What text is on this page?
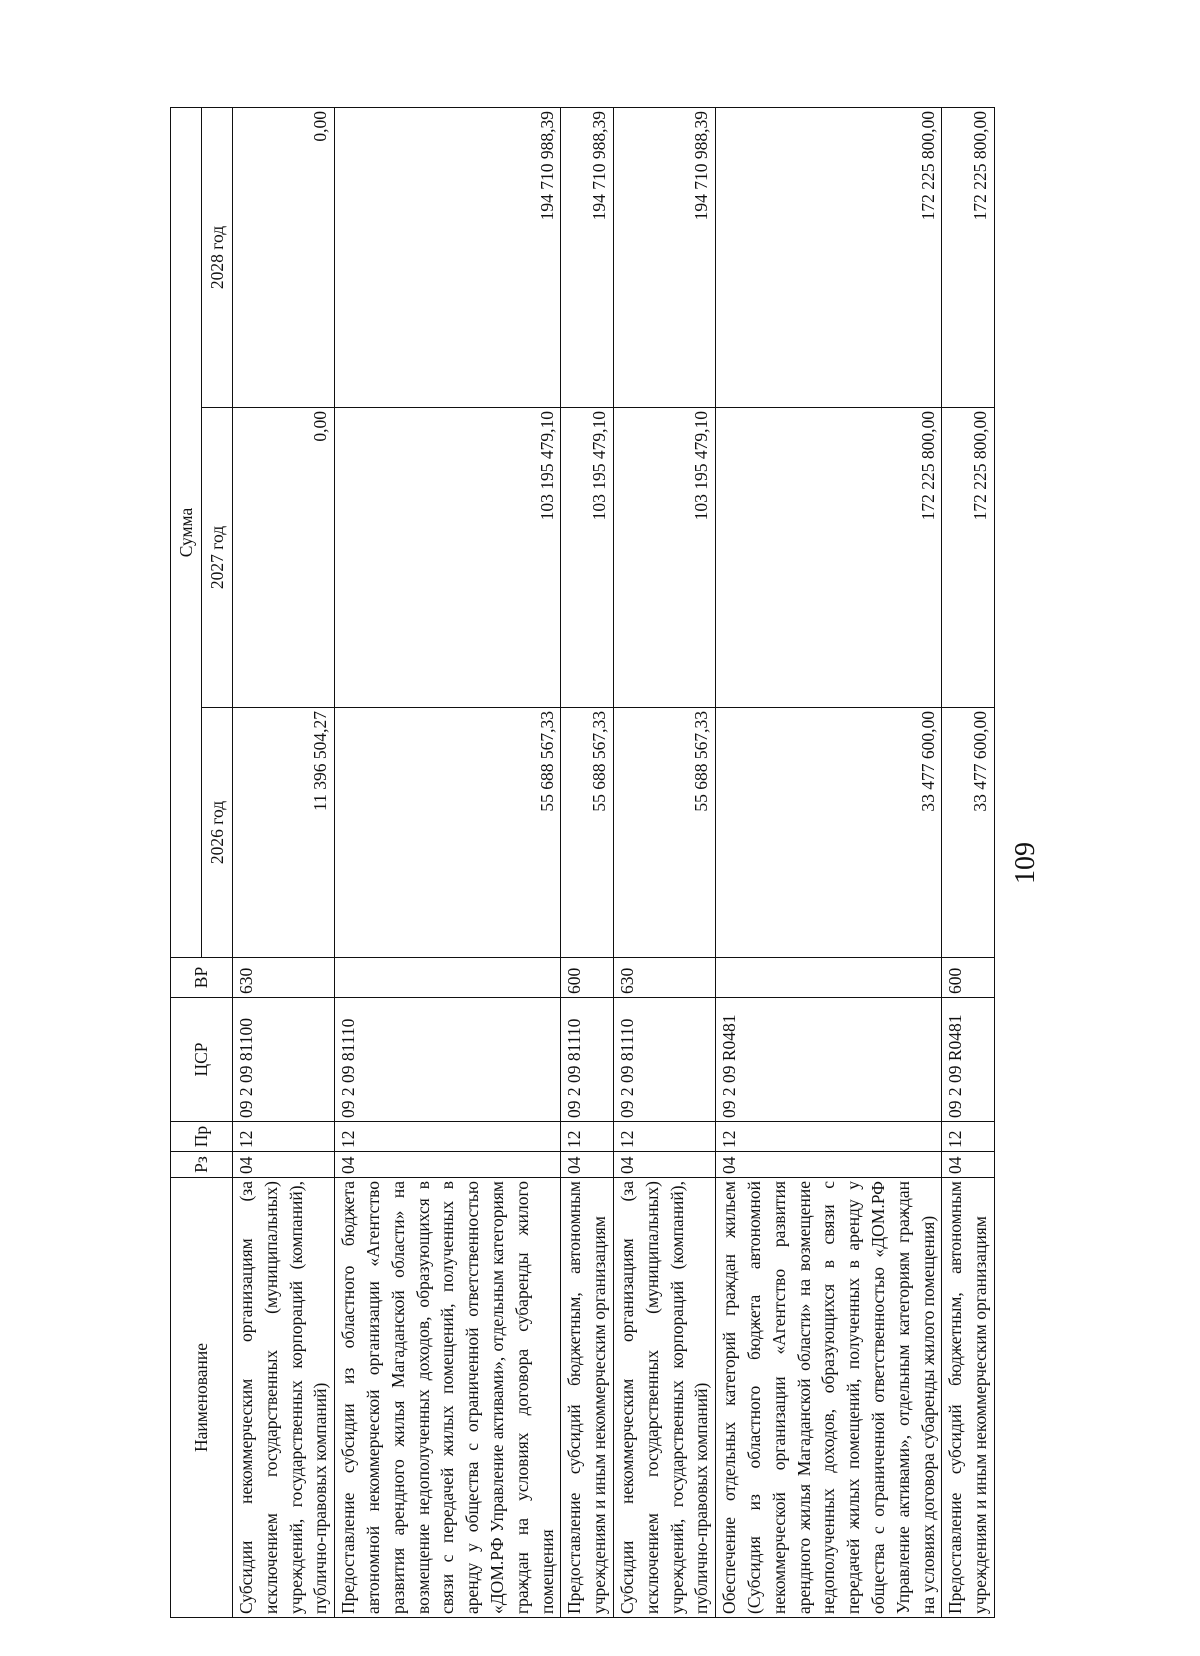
Наименование	Рз	Пр	ЦСР	ВР	Сумма		
					2026 год	2027 год	2028 год
Субсидии некоммерческим организациям (за исключением государственных (муниципальных) учреждений, государственных корпораций (компаний), публично-правовых компаний)	04	12	09 2 09 81100	630	11 396 504,27	0,00	0,00
Предоставление субсидии из областного бюджета автономной некоммерческой организации «Агентство развития арендного жилья Магаданской области» на возмещение недополученных доходов, образующихся в связи с передачей жилых помещений, полученных в аренду у общества с ограниченной ответственностью «ДОМ.РФ Управление активами», отдельным категориям граждан на условиях договора субаренды жилого помещения	04	12	09 2 09 81110		55 688 567,33	103 195 479,10	194 710 988,39
Предоставление субсидий бюджетным, автономным учреждениям и иным некоммерческим организациям	04	12	09 2 09 81110	600	55 688 567,33	103 195 479,10	194 710 988,39
Субсидии некоммерческим организациям (за исключением государственных (муниципальных) учреждений, государственных корпораций (компаний), публично-правовых компаний)	04	12	09 2 09 81110	630	55 688 567,33	103 195 479,10	194 710 988,39
Обеспечение отдельных категорий граждан жильем (Субсидия из областного бюджета автономной некоммерческой организации «Агентство развития арендного жилья Магаданской области» на возмещение недополученных доходов, образующихся в связи с передачей жилых помещений, полученных в аренду у общества с ограниченной ответственностью «ДОМ.РФ Управление активами», отдельным категориям граждан на условиях договора субаренды жилого помещения)	04	12	09 2 09 R0481		33 477 600,00	172 225 800,00	172 225 800,00
Предоставление субсидий бюджетным, автономным учреждениям и иным некоммерческим организациям	04	12	09 2 09 R0481	600	33 477 600,00	172 225 800,00	172 225 800,00
109
